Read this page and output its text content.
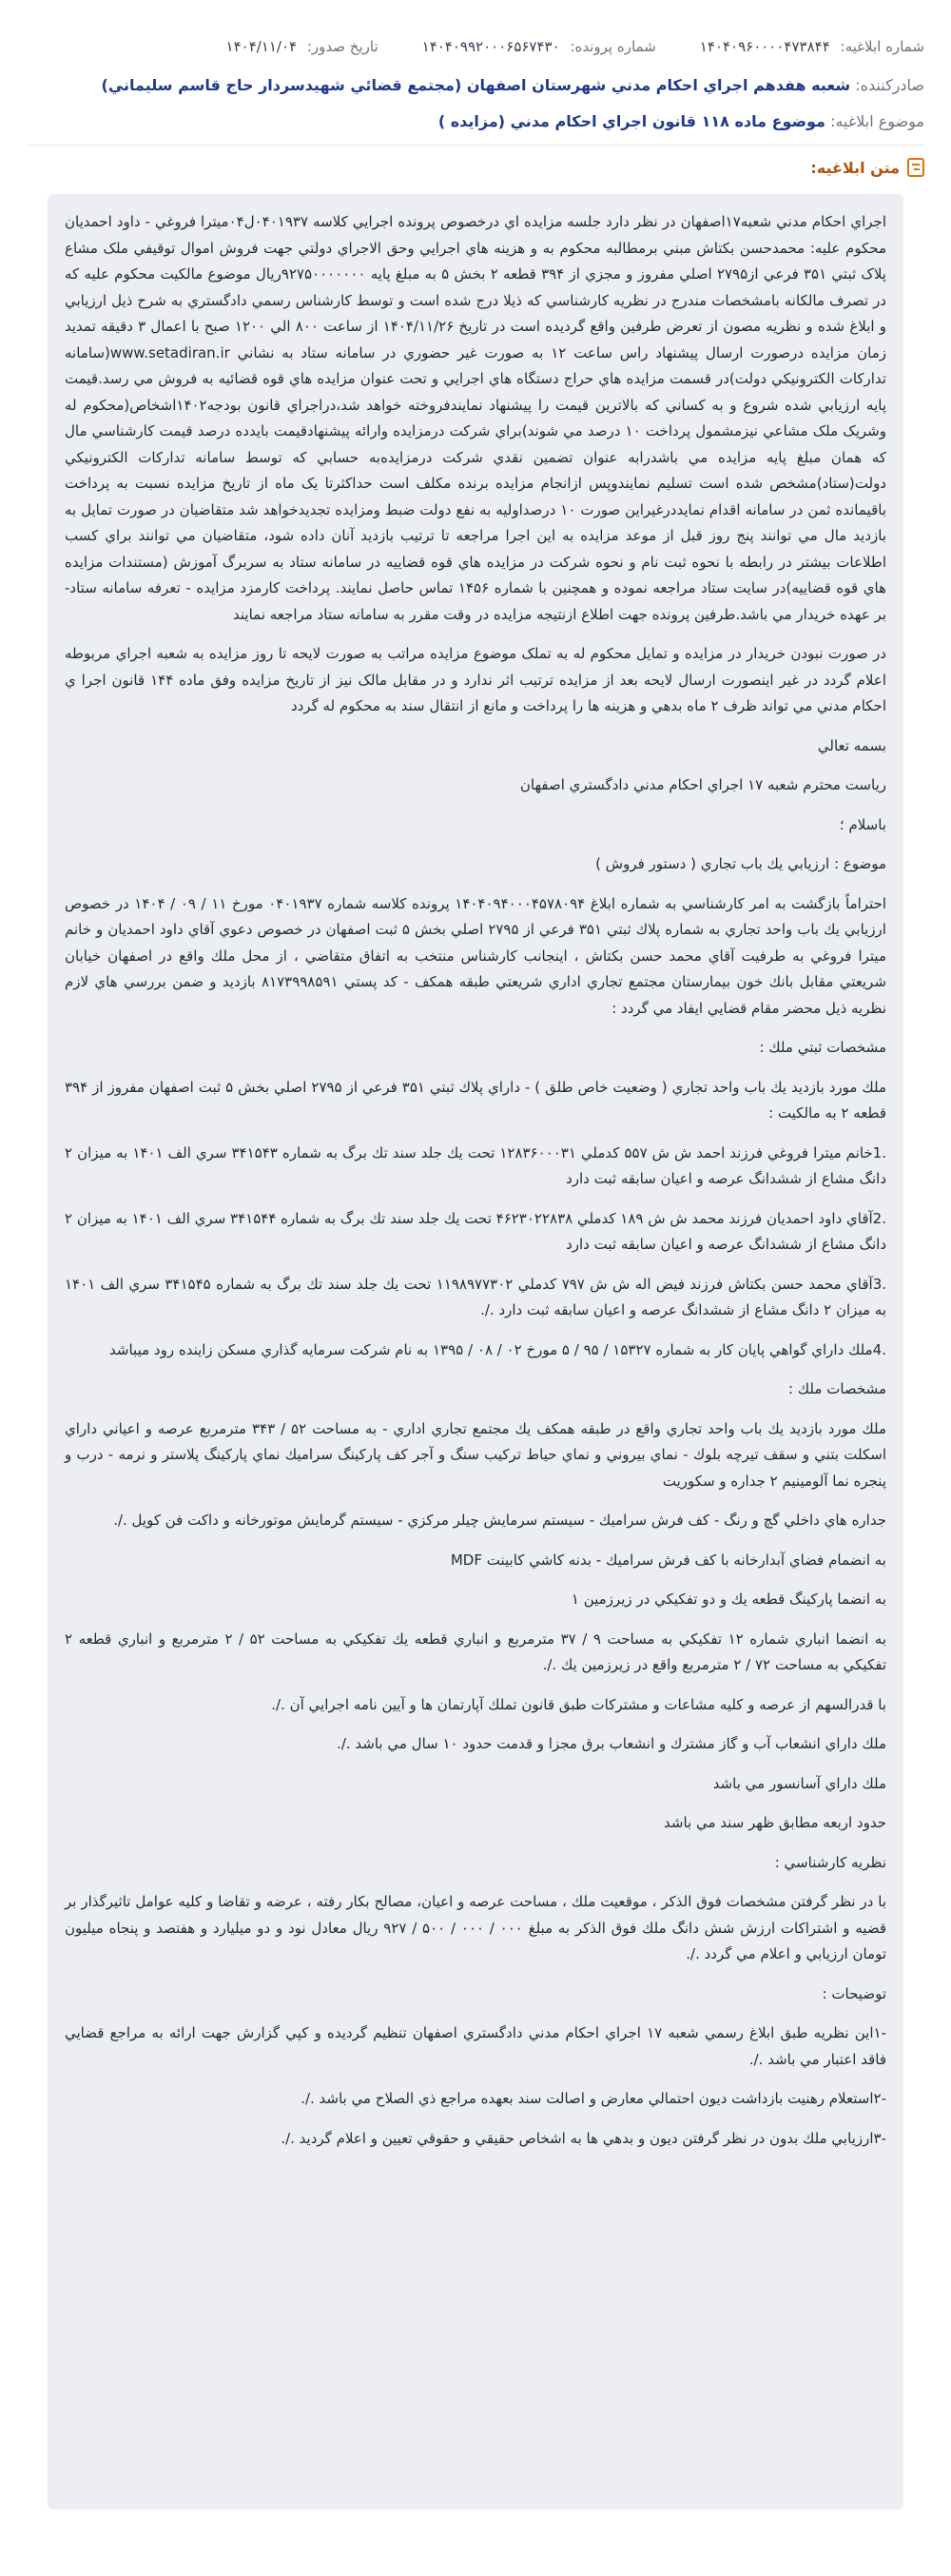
شماره ابلاغيه: ۱۴۰۴۰۹۶۰۰۰۰۴۷۳۸۴۴
شماره پرونده: ۱۴۰۴۰۹۹۲۰۰۰۶۵۶۷۴۳۰
تاريخ صدور: ۱۴۰۴/۱۱/۰۴
صادرکننده: شعبه هفدهم اجراي احکام مدني شهرستان اصفهان (مجتمع قضائي شهيدسردار حاج قاسم سليماني)
موضوع ابلاغيه: موضوع ماده ۱۱۸ قانون اجراي احکام مدني (مزايده )
متن ابلاغيه:

اجراي احکام مدني شعبه۱۷اصفهان در نظر دارد جلسه مزايده اي درخصوص پرونده اجرايي کلاسه ۰۴۰۱۹۳۷ل۰۴ميترا فروغي - داود احمديان محکوم عليه: محمدحسن بکتاش مبني برمطالبه محکوم به و هزينه هاي اجرايي وحق الاجراي دولتي جهت فروش اموال توقيفي ملک مشاع پلاک ثبتي ۳۵۱ فرعي از۲۷۹۵ اصلي مفروز و مجزي از ۳۹۴ قطعه ۲ بخش ۵ به مبلغ پايه ۹۲۷۵۰۰۰۰۰۰۰ريال موضوع مالکيت محکوم عليه که در تصرف مالکانه بامشخصات مندرج در نظريه کارشناسي که ذيلا درج شده است و توسط کارشناس رسمي دادگستري به شرح ذيل ارزيابي و ابلاغ شده و نظريه مصون از تعرض طرفين واقع گرديده است در تاريخ ۱۴۰۴/۱۱/۲۶ از ساعت ۸۰۰ الي ۱۲۰۰ صبح با اعمال ۳ دقيقه تمديد زمان مزايده درصورت ارسال پيشنهاد راس ساعت ۱۲ به صورت غير حضوري در سامانه ستاد به نشاني www.setadiran.ir(سامانه تدارکات الکترونيکي دولت)در قسمت مزايده هاي حراج دستگاه هاي اجرايي و تحت عنوان مزايده هاي قوه قضائيه به فروش مي رسد.قيمت پايه ارزيابي شده شروع و به کساني که بالاترين قيمت را پيشنهاد نمايندفروخته خواهد شد،دراجراي قانون بودجه۱۴۰۲اشخاص(محکوم له وشريک ملک مشاعي نيزمشمول پرداخت ۱۰ درصد مي شوند)براي شرکت درمزايده وارائه پيشنهادقيمت بايدده درصد قيمت کارشناسي مال که همان مبلغ پايه مزايده مي باشدرابه عنوان تضمين نقدي شرکت درمزايده‌به حسابي که توسط سامانه تدارکات الکترونيکي دولت(ستاد)مشخص شده است تسليم نمايندوپس ازانجام مزايده برنده مکلف است حداکثرتا يک ماه از تاريخ مزايده نسبت به پرداخت باقيمانده ثمن در سامانه اقدام نمايددرغيراين صورت ۱۰ درصداوليه به نفع دولت ضبط ومزايده تجديدخواهد شد متقاضيان در صورت تمايل به بازديد مال مي توانند پنج روز قبل از موعد مزايده به اين اجرا مراجعه تا ترتيب بازديد آنان داده شود، متقاضيان مي توانند براي کسب اطلاعات بيشتر در رابطه با نحوه ثبت نام و نحوه شرکت در مزايده هاي قوه قضاييه در سامانه ستاد به سربرگ آموزش (مستندات مزايده هاي قوه قضاييه)در سايت ستاد مراجعه نموده و همچنين با شماره ۱۴۵۶ تماس حاصل نمايند. پرداخت کارمزد مزايده - تعرفه سامانه ستاد- بر عهده خريدار مي باشد.طرفين پرونده جهت اطلاع ازنتيجه مزايده در وقت مقرر به سامانه ستاد مراجعه نمايند

در صورت نبودن خريدار در مزايده و تمايل محکوم له به تملک موضوع مزايده مراتب به صورت لايحه تا روز مزايده به شعبه اجراي مربوطه اعلام گردد در غير اينصورت ارسال لايحه بعد از مزايده ترتيب اثر ندارد و در مقابل مالک نيز از تاريخ مزايده وفق ماده ۱۴۴ قانون اجرا ي احکام مدني مي تواند ظرف ۲ ماه بدهي و هزينه ها را پرداخت و مانع از انتقال سند به محکوم له گردد

بسمه تعالي

رياست محترم شعبه ۱۷ اجراي احکام مدني دادگستري اصفهان

باسلام ؛

موضوع : ارزيابي يك باب تجاري ( دستور فروش )

احتراماً بازگشت به امر كارشناسي به شماره ابلاغ ۱۴۰۴۰۹۴۰۰۰۴۵۷۸۰۹۴ پرونده كلاسه شماره ۰۴۰۱۹۳۷ مورخ ۱۱ / ۰۹ / ۱۴۰۴ در خصوص ارزيابي يك باب واحد تجاري به شماره پلاك ثبتي ۳۵۱ فرعي از ۲۷۹۵ اصلي بخش ۵ ثبت اصفهان در خصوص دعوي آقاي داود احمديان و خانم ميترا فروغي به طرفيت آقاي محمد حسن بكتاش ، اينجانب كارشناس منتخب به اتفاق متقاضي ، از محل ملك واقع در اصفهان خيابان شريعتي مقابل بانك خون بيمارستان مجتمع تجاري اداري شريعتي طبقه همكف - كد پستي ۸۱۷۳۹۹۸۵۹۱ بازديد و ضمن بررسي هاي لازم نظريه ذيل محضر مقام قضايي ايفاد مي گردد :

مشخصات ثبتي ملك :

ملك مورد بازديد يك باب واحد تجاري ( وضعيت خاص طلق ) - داراي پلاك ثبتي ۳۵۱ فرعي از ۲۷۹۵ اصلي بخش ۵ ثبت اصفهان مفروز از ۳۹۴ قطعه ۲ به مالكيت :

.1خانم ميترا فروغي فرزند احمد ش ش ۵۵۷ كدملي ۱۲۸۳۶۰۰۰۳۱ تحت يك جلد سند تك برگ به شماره ۳۴۱۵۴۳ سري الف ۱۴۰۱ به ميزان ۲ دانگ مشاع از ششدانگ عرصه و اعيان سابقه ثبت دارد

.2آقاي داود احمديان فرزند محمد ش ش ۱۸۹ كدملي ۴۶۲۳۰۲۲۸۳۸ تحت يك جلد سند تك برگ به شماره ۳۴۱۵۴۴ سري الف ۱۴۰۱ به ميزان ۲ دانگ مشاع از ششدانگ عرصه و اعيان سابقه ثبت دارد

.3آقاي محمد حسن بكتاش فرزند فيض اله ش ش ۷۹۷ كدملي ۱۱۹۸۹۷۷۳۰۲ تحت يك جلد سند تك برگ به شماره ۳۴۱۵۴۵ سري الف ۱۴۰۱ به ميزان ۲ دانگ مشاع از ششدانگ عرصه و اعيان سابقه ثبت دارد ./.

.4ملك داراي گواهي پايان كار به شماره ۱۵۳۲۷ / ۹۵ / ۵ مورخ ۰۲ / ۰۸ / ۱۳۹۵ به نام شركت سرمايه گذاري مسكن زاينده رود ميباشد

مشخصات ملك :

ملك مورد بازديد يك باب واحد تجاري واقع در طبقه همكف يك مجتمع تجاري اداري - به مساحت ۵۲ / ۳۴۳ مترمربع عرصه و اعياني داراي اسكلت بتني و سقف تيرچه بلوك - نماي بيروني و نماي حياط تركيب سنگ و آجر كف پاركينگ سراميك نماي پاركينگ پلاستر و نرمه - درب و پنجره نما آلومينيم ۲ جداره و سكوريت

جداره هاي داخلي گچ و رنگ - كف فرش سراميك - سيستم سرمايش چيلر مركزي - سيستم گرمايش موتورخانه و داكت فن كويل ./.

به انضمام فضاي آبدارخانه با كف فرش سراميك - بدنه كاشي كابينت MDF

به انضما پاركينگ قطعه يك و دو تفكيكي در زيرزمين ۱

به انضما انباري شماره ۱۲ تفكيكي به مساحت ۹ / ۳۷ مترمربع و انباري قطعه يك تفكيكي به مساحت ۵۲ / ۲ مترمربع و انباري قطعه ۲ تفكيكي به مساحت ۷۲ / ۲ مترمربع واقع در زيرزمين يك ./.

با قدرالسهم از عرصه و كليه مشاعات و مشتركات طبق قانون تملك آپارتمان ها و آيين نامه اجرايي آن ./.

ملك داراي انشعاب آب و گاز مشترك و انشعاب برق مجزا و قدمت حدود ۱۰ سال مي باشد ./.

ملك داراي آسانسور مي باشد

حدود اربعه مطابق ظهر سند مي باشد

نظريه كارشناسي :

با در نظر گرفتن مشخصات فوق الذكر ، موقعيت ملك ، مساحت عرصه و اعيان، مصالح بكار رفته ، عرضه و تقاضا و كليه عوامل تاثيرگذار بر قضيه و اشتراكات ارزش شش دانگ ملك فوق الذكر به مبلغ ۰۰۰ / ۰۰۰ / ۵۰۰ / ۹۲۷ ريال معادل نود و دو ميليارد و هفتصد و پنجاه ميليون تومان ارزيابي و اعلام مي گردد ./.

توضيحات :

-۱اين نظريه طبق ابلاغ رسمي شعبه ۱۷ اجراي احكام مدني دادگستري اصفهان تنظيم گرديده و كپي گزارش جهت ارائه به مراجع قضايي فاقد اعتبار مي باشد ./.

-۲استعلام رهنيت بازداشت ديون احتمالي معارض و اصالت سند بعهده مراجع ذي الصلاح مي باشد ./.

-۳ارزيابي ملك بدون در نظر گرفتن ديون و بدهي ها به اشخاص حقيقي و حقوقي تعيين و اعلام گرديد ./.
